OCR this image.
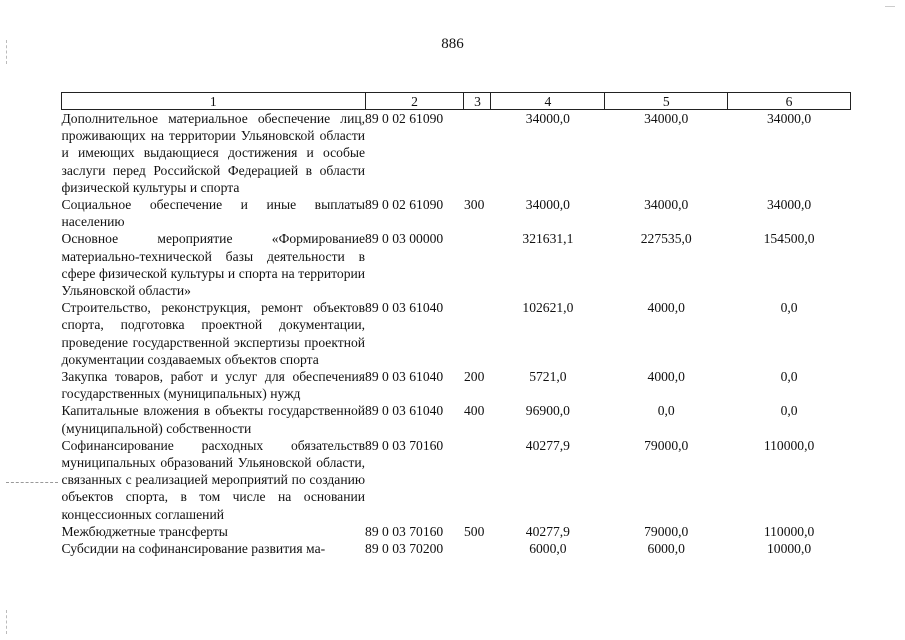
886
1	2	3	4	5	6
Дополнительное материальное обеспечение лиц, проживающих на территории Ульяновской области и имеющих выдающиеся достижения и особые заслуги перед Российской Федерацией в области физической культуры и спорта	89 0 02 61090		34000,0	34000,0	34000,0
Социальное обеспечение и иные выплаты населению	89 0 02 61090	300	34000,0	34000,0	34000,0
Основное мероприятие «Формирование материально-технической базы деятельности в сфере физической культуры и спорта на территории Ульяновской области»	89 0 03 00000		321631,1	227535,0	154500,0
Строительство, реконструкция, ремонт объектов спорта, подготовка проектной документации, проведение государственной экспертизы проектной документации создаваемых объектов спорта	89 0 03 61040		102621,0	4000,0	0,0
Закупка товаров, работ и услуг для обеспечения государственных (муниципальных) нужд	89 0 03 61040	200	5721,0	4000,0	0,0
Капитальные вложения в объекты государственной (муниципальной) собственности	89 0 03 61040	400	96900,0	0,0	0,0
Софинансирование расходных обязательств муниципальных образований Ульяновской области, связанных с реализацией мероприятий по созданию объектов спорта, в том числе на основании концессионных соглашений	89 0 03 70160		40277,9	79000,0	110000,0
Межбюджетные трансферты	89 0 03 70160	500	40277,9	79000,0	110000,0
Субсидии на софинансирование развития ма-	89 0 03 70200		6000,0	6000,0	10000,0
